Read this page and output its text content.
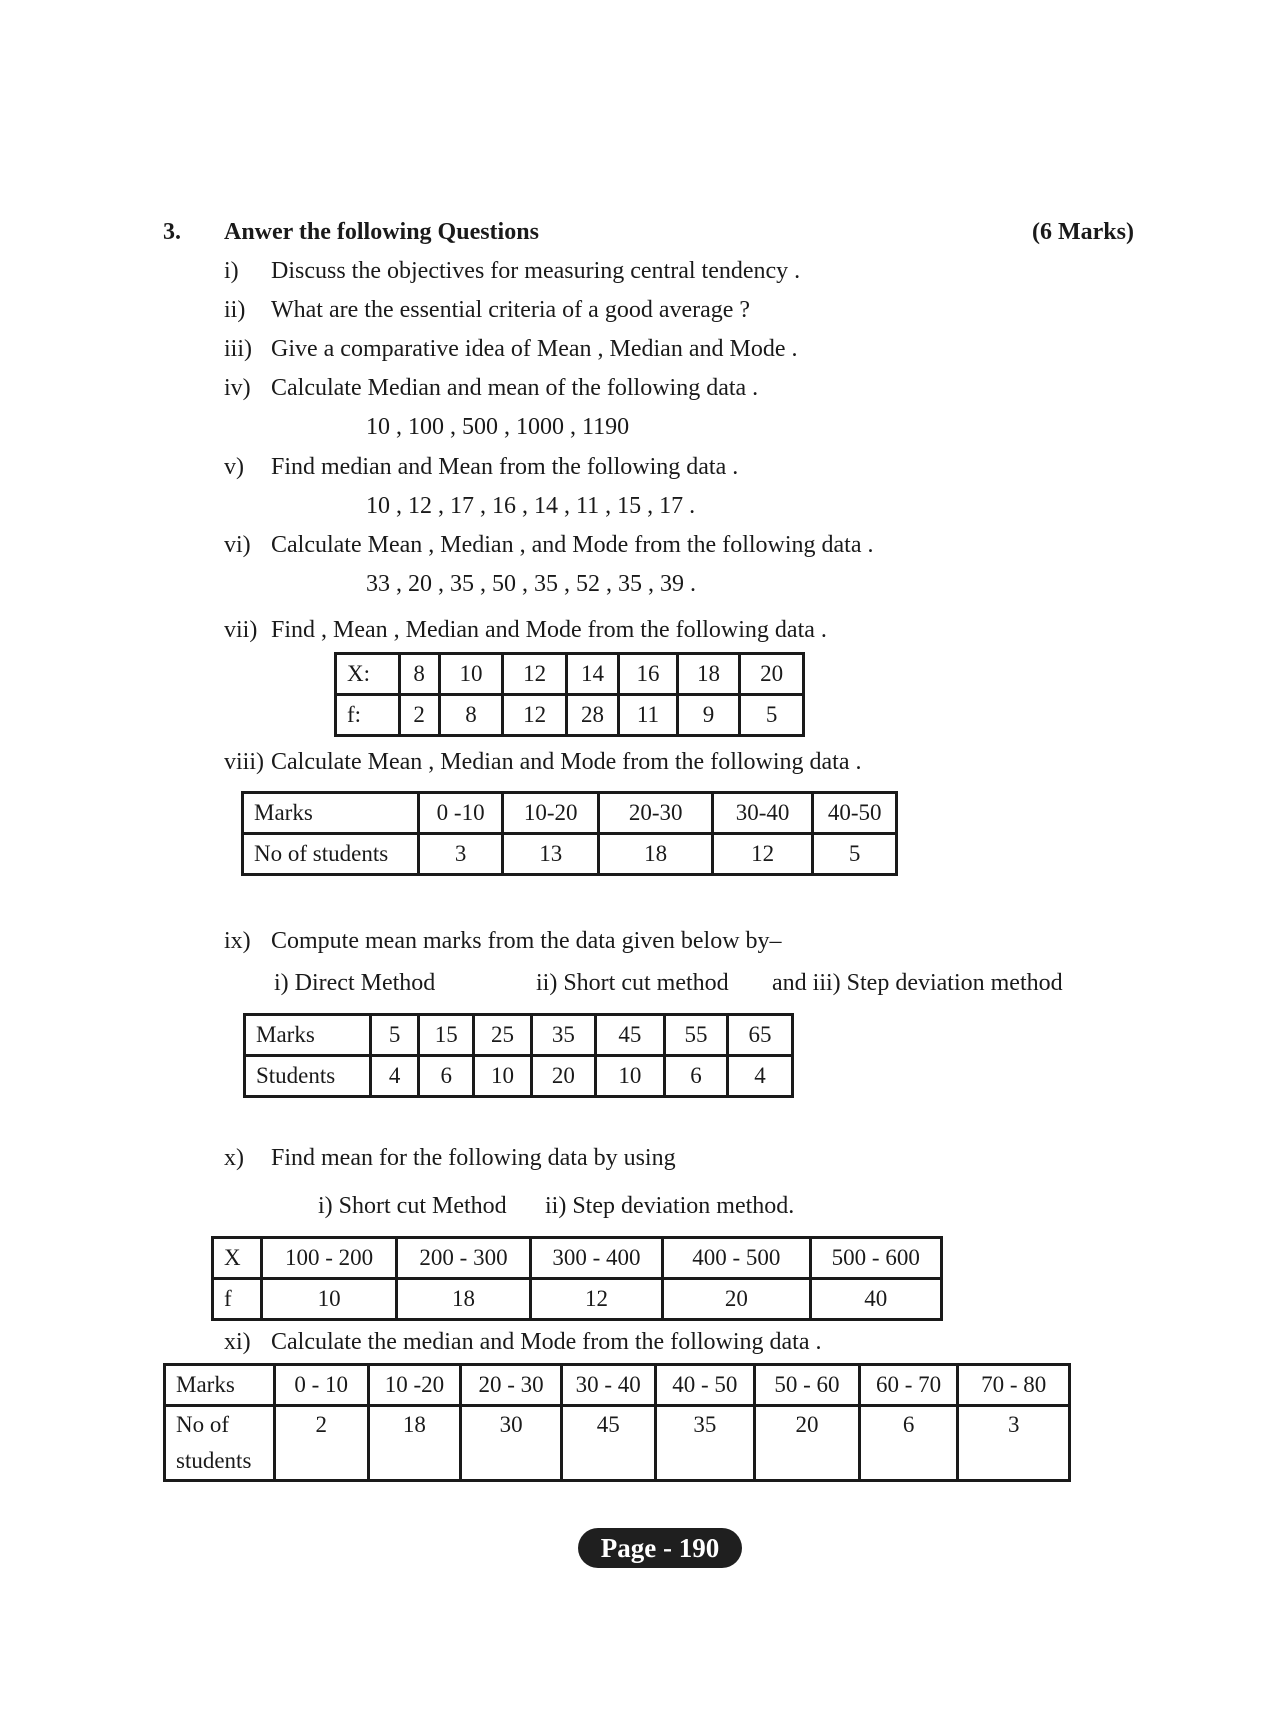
3. Anwer the following Questions	(6 Marks)
i) Discuss the objectives for measuring central tendency .
ii) What are the essential criteria of a good average ?
iii) Give a comparative idea of Mean , Median and Mode .
iv) Calculate Median and mean of the following data .
10 , 100 , 500 , 1000 , 1190
v) Find median and Mean from the following data .
10 , 12 , 17 , 16 , 14 , 11 , 15 , 17 .
vi) Calculate Mean , Median , and Mode from the following data .
33 , 20 , 35 , 50 , 35 , 52 , 35 , 39 .
vii) Find , Mean , Median and Mode from the following data .
X:	8	10	12	14	16	18	20
f:	2	8	12	28	11	9	5
viii) Calculate Mean , Median and Mode from the following data .
Marks	0 -10	10-20	20-30	30-40	40-50
No of students	3	13	18	12	5
ix) Compute mean marks from the data given below by–
i) Direct Method	ii) Short cut method and iii) Step deviation method
Marks	5	15	25	35	45	55	65
Students	4	6	10	20	10	6	4
x) Find mean for the following data by using
i) Short cut Method ii) Step deviation method.
X	100 - 200	200 - 300	300 - 400	400 - 500	500 - 600
f	10	18	12	20	40
xi) Calculate the median and Mode from the following data .
Marks	0 - 10	10 -20	20 - 30	30 - 40	40 - 50	50 - 60	60 - 70	70 - 80
No of
students	2	18	30	45	35	20	6	3
Page - 190
